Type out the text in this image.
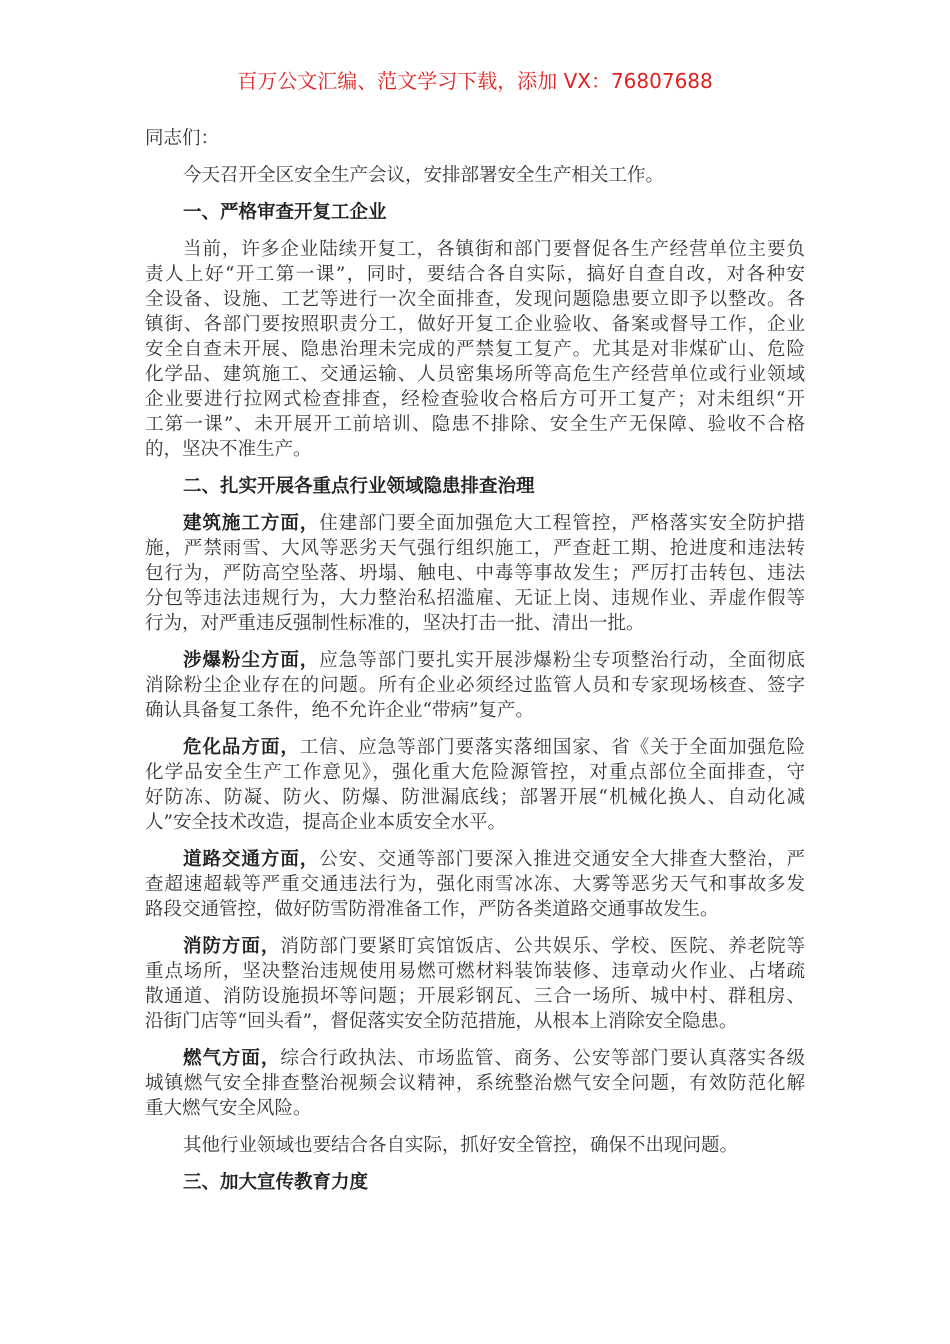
百万公文汇编、范文学习下载，添加 VX：76807688
同志们：
今天召开全区安全生产会议，安排部署安全生产相关工作。
一、严格审查开复工企业
当前，许多企业陆续开复工，各镇街和部门要督促各生产经营单位主要负
责人上好“开工第一课”，同时，要结合各自实际，搞好自查自改，对各种安
全设备、设施、工艺等进行一次全面排查，发现问题隐患要立即予以整改。各
镇街、各部门要按照职责分工，做好开复工企业验收、备案或督导工作，企业
安全自查未开展、隐患治理未完成的严禁复工复产。尤其是对非煤矿山、危险
化学品、建筑施工、交通运输、人员密集场所等高危生产经营单位或行业领域
企业要进行拉网式检查排查，经检查验收合格后方可开工复产；对未组织“开
工第一课”、未开展开工前培训、隐患不排除、安全生产无保障、验收不合格
的，坚决不准生产。
二、扎实开展各重点行业领域隐患排查治理
建筑施工方面，住建部门要全面加强危大工程管控，严格落实安全防护措
施，严禁雨雪、大风等恶劣天气强行组织施工，严查赶工期、抢进度和违法转
包行为，严防高空坠落、坍塌、触电、中毒等事故发生；严厉打击转包、违法
分包等违法违规行为，大力整治私招滥雇、无证上岗、违规作业、弄虚作假等
行为，对严重违反强制性标准的，坚决打击一批、清出一批。
涉爆粉尘方面，应急等部门要扎实开展涉爆粉尘专项整治行动，全面彻底
消除粉尘企业存在的问题。所有企业必须经过监管人员和专家现场核查、签字
确认具备复工条件，绝不允许企业“带病”复产。
危化品方面，工信、应急等部门要落实落细国家、省《关于全面加强危险
化学品安全生产工作意见》，强化重大危险源管控，对重点部位全面排查，守
好防冻、防凝、防火、防爆、防泄漏底线；部署开展“机械化换人、自动化减
人”安全技术改造，提高企业本质安全水平。
道路交通方面，公安、交通等部门要深入推进交通安全大排查大整治，严
查超速超载等严重交通违法行为，强化雨雪冰冻、大雾等恶劣天气和事故多发
路段交通管控，做好防雪防滑准备工作，严防各类道路交通事故发生。
消防方面，消防部门要紧盯宾馆饭店、公共娱乐、学校、医院、养老院等
重点场所，坚决整治违规使用易燃可燃材料装饰装修、违章动火作业、占堵疏
散通道、消防设施损坏等问题；开展彩钢瓦、三合一场所、城中村、群租房、
沿街门店等“回头看”，督促落实安全防范措施，从根本上消除安全隐患。
燃气方面，综合行政执法、市场监管、商务、公安等部门要认真落实各级
城镇燃气安全排查整治视频会议精神，系统整治燃气安全问题，有效防范化解
重大燃气安全风险。
其他行业领域也要结合各自实际，抓好安全管控，确保不出现问题。
三、加大宣传教育力度
